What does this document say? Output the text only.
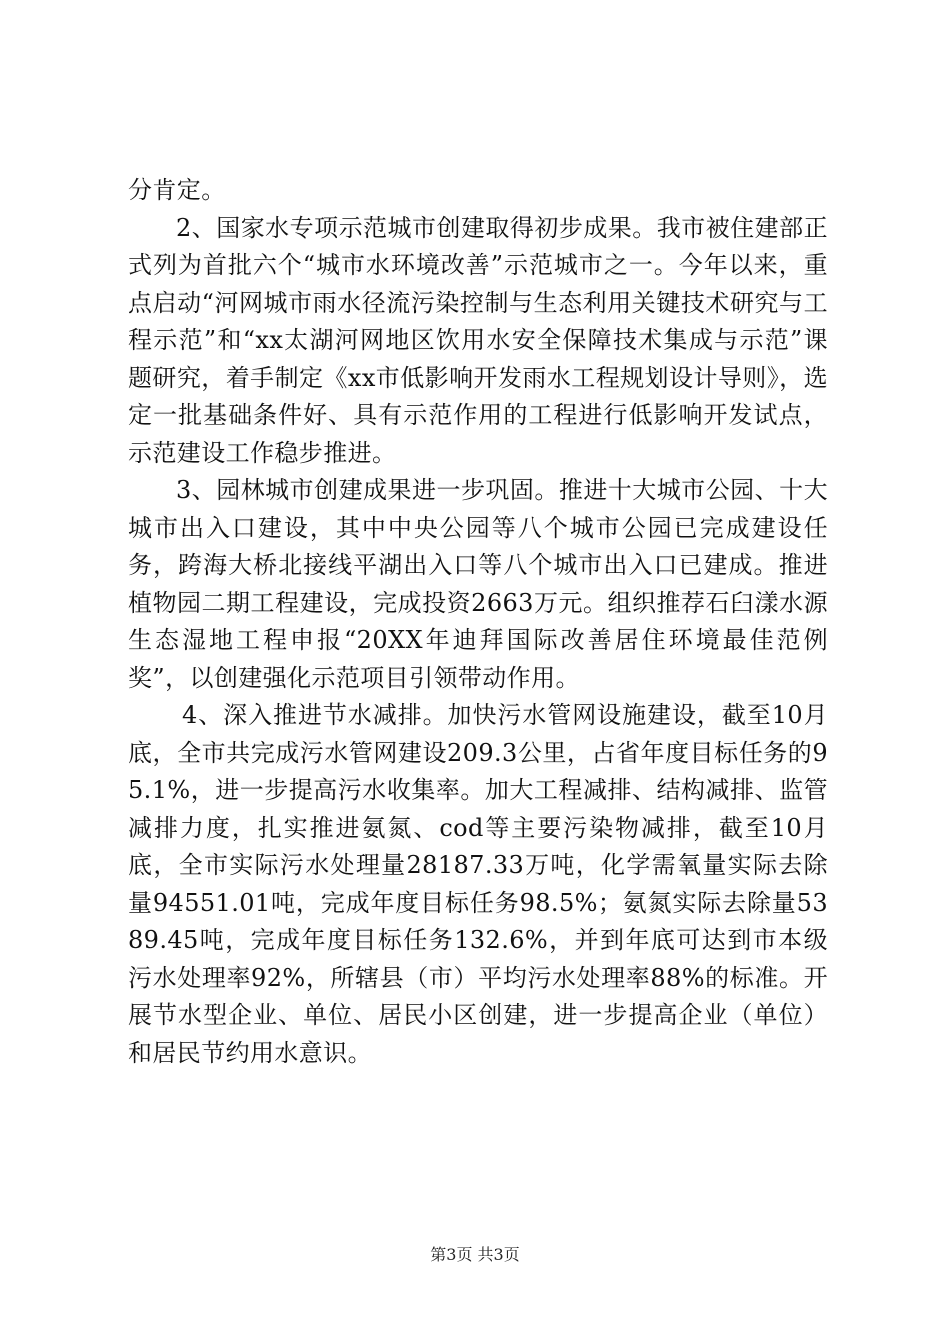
分肯定。

2、国家水专项示范城市创建取得初步成果。我市被住建部正式列为首批六个“城市水环境改善”示范城市之一。今年以来，重点启动“河网城市雨水径流污染控制与生态利用关键技术研究与工程示范”和“xx太湖河网地区饮用水安全保障技术集成与示范”课题研究，着手制定《xx市低影响开发雨水工程规划设计导则》，选定一批基础条件好、具有示范作用的工程进行低影响开发试点，示范建设工作稳步推进。

3、园林城市创建成果进一步巩固。推进十大城市公园、十大城市出入口建设，其中中央公园等八个城市公园已完成建设任务，跨海大桥北接线平湖出入口等八个城市出入口已建成。推进植物园二期工程建设，完成投资2663万元。组织推荐石臼漾水源生态湿地工程申报“20XX年迪拜国际改善居住环境最佳范例奖”，以创建强化示范项目引领带动作用。

4、深入推进节水减排。加快污水管网设施建设，截至10月底，全市共完成污水管网建设209.3公里，占省年度目标任务的95.1%，进一步提高污水收集率。加大工程减排、结构减排、监管减排力度，扎实推进氨氮、cod等主要污染物减排，截至10月底，全市实际污水处理量28187.33万吨，化学需氧量实际去除量94551.01吨，完成年度目标任务98.5%；氨氮实际去除量5389.45吨，完成年度目标任务132.6%，并到年底可达到市本级污水处理率92%，所辖县（市）平均污水处理率88%的标准。开展节水型企业、单位、居民小区创建，进一步提高企业（单位）和居民节约用水意识。

第3页 共3页
